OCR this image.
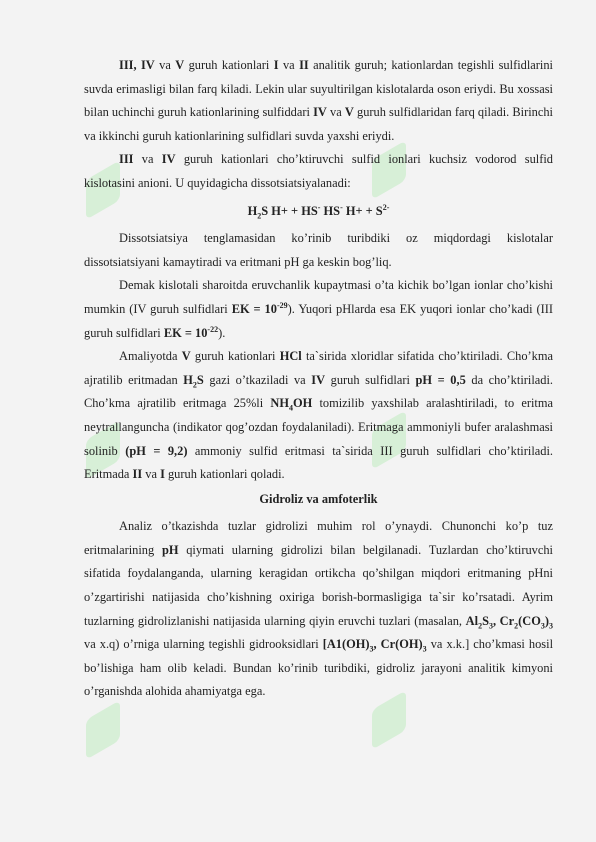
III, IV va V guruh kationlari I va II analitik guruh; kationlardan tegishli sulfidlarini suvda erimasligi bilan farq kiladi. Lekin ular suyultirilgan kislotalarda oson eriydi. Bu xossasi bilan uchinchi guruh kationlarining sulfiddari IV va V guruh sulfidlaridan farq qiladi. Birinchi va ikkinchi guruh kationlarining sulfidlari suvda yaxshi eriydi.

III va IV guruh kationlari cho’ktiruvchi sulfid ionlari kuchsiz vodorod sulfid kislotasini anioni. U quyidagicha dissotsiatsiyalanadi:

$H_2S$ H+ + HS- HS- $H+ + S^{2-}$

Dissotsiatsiya tenglamasidan ko’rinib turibdiki oz miqdordagi kislotalar dissotsiatsiyani kamaytiradi va eritmani pH ga keskin bog’liq.

Demak kislotali sharoitda eruvchanlik kupaytmasi o’ta kichik bo’lgan ionlar cho’kishi mumkin (IV guruh sulfidlari EK = $10^{-29}$). Yuqori pHlarda esa EK yuqori ionlar cho’kadi (III guruh sulfidlari EK = $10^{-22}$).

Amaliyotda V guruh kationlari HCl ta`sirida xloridlar sifatida cho’ktiriladi. Cho’kma ajratilib eritmadan $H_2S$ gazi o’tkaziladi va IV guruh sulfidlari pH = 0,5 da cho’ktiriladi. Cho’kma ajratilib eritmaga 25%li $NH_4OH$ tomizilib yaxshilab aralashtiriladi, to eritma neytrallanguncha (indikator qog’ozdan foydalaniladi). Eritmaga ammoniyli bufer aralashmasi solinib (pH = 9,2) ammoniy sulfid eritmasi ta`sirida III guruh sulfidlari cho’ktiriladi. Eritmada II va I guruh kationlari qoladi.

Gidroliz va amfoterlik

Analiz o’tkazishda tuzlar gidrolizi muhim rol o’ynaydi. Chunonchi ko’p tuz eritmalarining pH qiymati ularning gidrolizi bilan belgilanadi. Tuzlardan cho’ktiruvchi sifatida foydalanganda, ularning keragidan ortikcha qo’shilgan miqdori eritmaning pHni o’zgartirishi natijasida cho’kishning oxiriga borish-bormasligiga ta`sir ko’rsatadi. Ayrim tuzlarning gidrolizlanishi natijasida ularning qiyin eruvchi tuzlari (masalan, $Al_2S_3$, $Cr_2(CO_3)_3$ va x.q) o’rniga ularning tegishli gidrooksidlari [$A1(OH)_3$, $Cr(OH)_3$ va x.k.] cho’kmasi hosil bo’lishiga ham olib keladi. Bundan ko’rinib turibdiki, gidroliz jarayoni analitik kimyoni o’rganishda alohida ahamiyatga ega.
